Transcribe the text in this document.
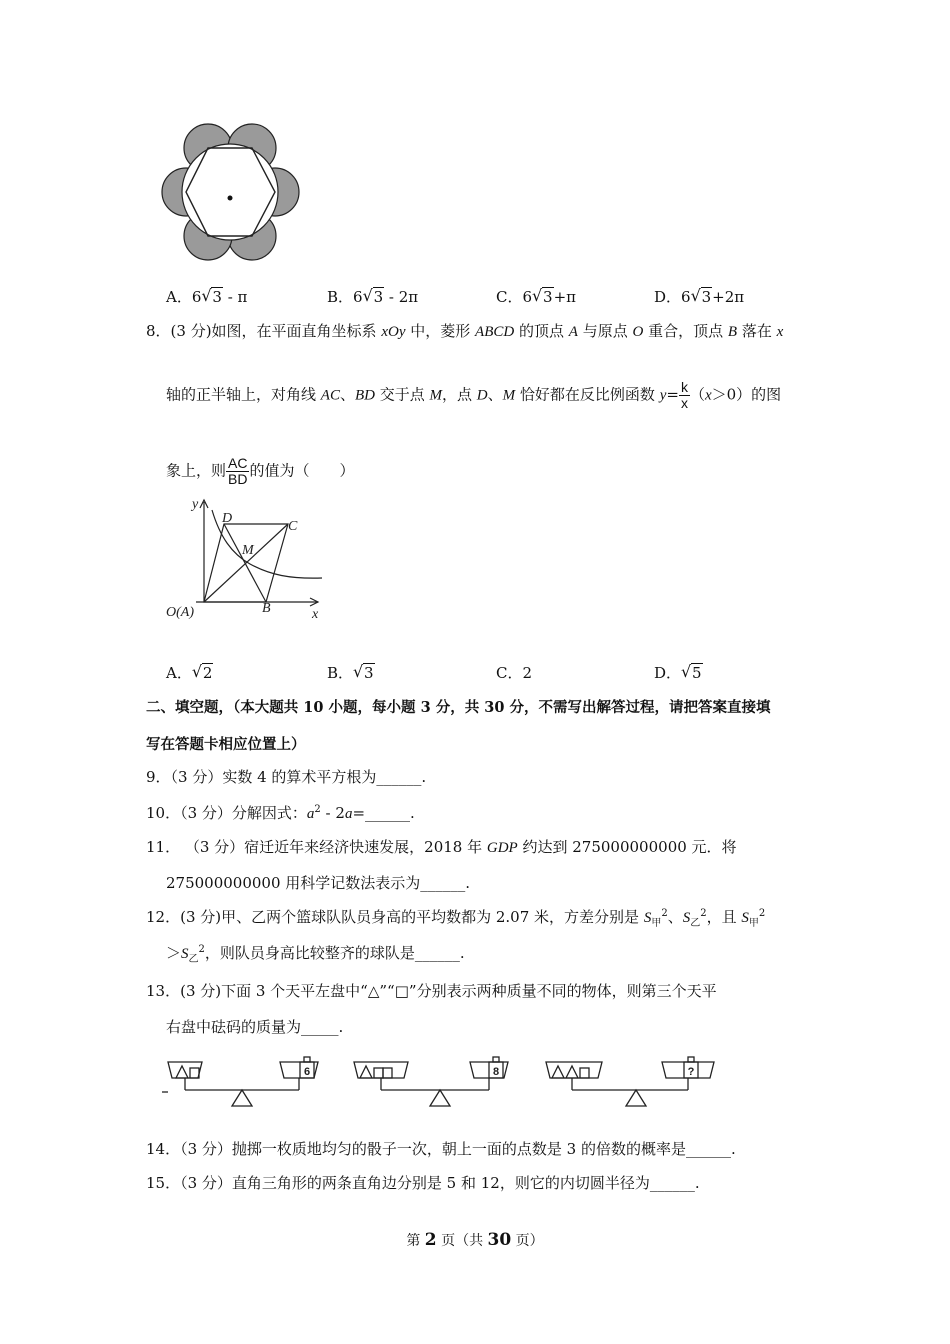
A．6 √ 3 - π	B．6 √ 3 - 2π	C．6 √ 3+π	D．6 √ 3+2π
8．(3 分)如图，在平面直角坐标系 xOy 中，菱形 ABCD 的顶点 A 与原点 O 重合，顶点 B 落在 x
轴的正半轴上，对角线 AC、BD 交于点 M，点 D、M 恰好都在反比例函数 $y= \frac{k}{x} (x>0)$的图
象上，则 $\frac{AC}{BD}$ 的值为（　　）
y
x
D
C
M
B
O(A)
A． √ 2	B． √ 3	C．2	D． √ 5
二、填空题，（本大题共 10 小题，每小题 3 分，共 30 分，不需写出解答过程，请把答案直接填
写在答题卡相应位置上）
9．（3 分）实数 4 的算术平方根为______.
10．（3 分）分解因式：$a^2$ - 2a=______.
11． （3 分）宿迁近年来经济快速发展，2018 年 GDP 约达到 275000000000 元．将
275000000000 用科学记数法表示为______.
12．(3 分)甲、乙两个篮球队队员身高的平均数都为 2.07 米，方差分别是 $S_甲^2$、$S_乙^2$，且 $S_甲^2$
$>S_乙^2$，则队员身高比较整齐的球队是______.
13．(3 分)下面 3 个天平左盘中“△”“□”分别表示两种质量不同的物体，则第三个天平
右盘中砝码的质量为_____.
6	8	?
14．（3 分）抛掷一枚质地均匀的骰子一次，朝上一面的点数是 3 的倍数的概率是______.
15．（3 分）直角三角形的两条直角边分别是 5 和 12，则它的内切圆半径为______.
第 2 页（共 30 页）
